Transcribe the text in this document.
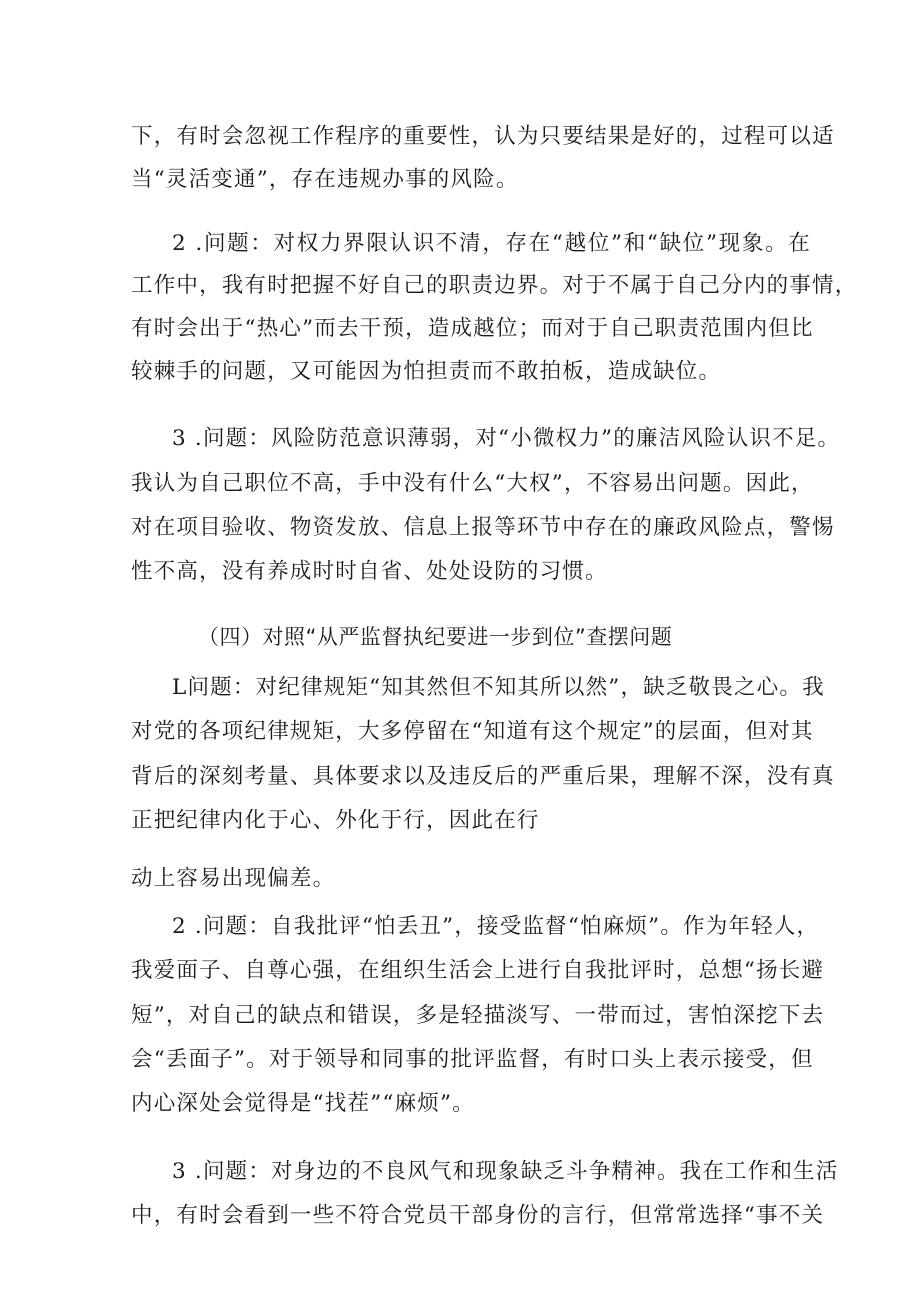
下，有时会忽视工作程序的重要性，认为只要结果是好的，过程可以适
当“灵活变通”，存在违规办事的风险。
2 .问题：对权力界限认识不清，存在“越位”和“缺位”现象。在
工作中，我有时把握不好自己的职责边界。对于不属于自己分内的事情，
有时会出于“热心”而去干预，造成越位；而对于自己职责范围内但比
较棘手的问题，又可能因为怕担责而不敢拍板，造成缺位。
3 .问题：风险防范意识薄弱，对“小微权力”的廉洁风险认识不足。
我认为自己职位不高，手中没有什么“大权”，不容易出问题。因此，
对在项目验收、物资发放、信息上报等环节中存在的廉政风险点，警惕
性不高，没有养成时时自省、处处设防的习惯。
（四）对照“从严监督执纪要进一步到位”查摆问题
L问题：对纪律规矩“知其然但不知其所以然”，缺乏敬畏之心。我
对党的各项纪律规矩，大多停留在“知道有这个规定”的层面，但对其
背后的深刻考量、具体要求以及违反后的严重后果，理解不深，没有真
正把纪律内化于心、外化于行，因此在行
动上容易出现偏差。
2 .问题：自我批评“怕丢丑”，接受监督“怕麻烦”。作为年轻人，
我爱面子、自尊心强，在组织生活会上进行自我批评时，总想“扬长避
短”，对自己的缺点和错误，多是轻描淡写、一带而过，害怕深挖下去
会“丢面子”。对于领导和同事的批评监督，有时口头上表示接受，但
内心深处会觉得是“找茬”“麻烦”。
3 .问题：对身边的不良风气和现象缺乏斗争精神。我在工作和生活
中，有时会看到一些不符合党员干部身份的言行，但常常选择“事不关
